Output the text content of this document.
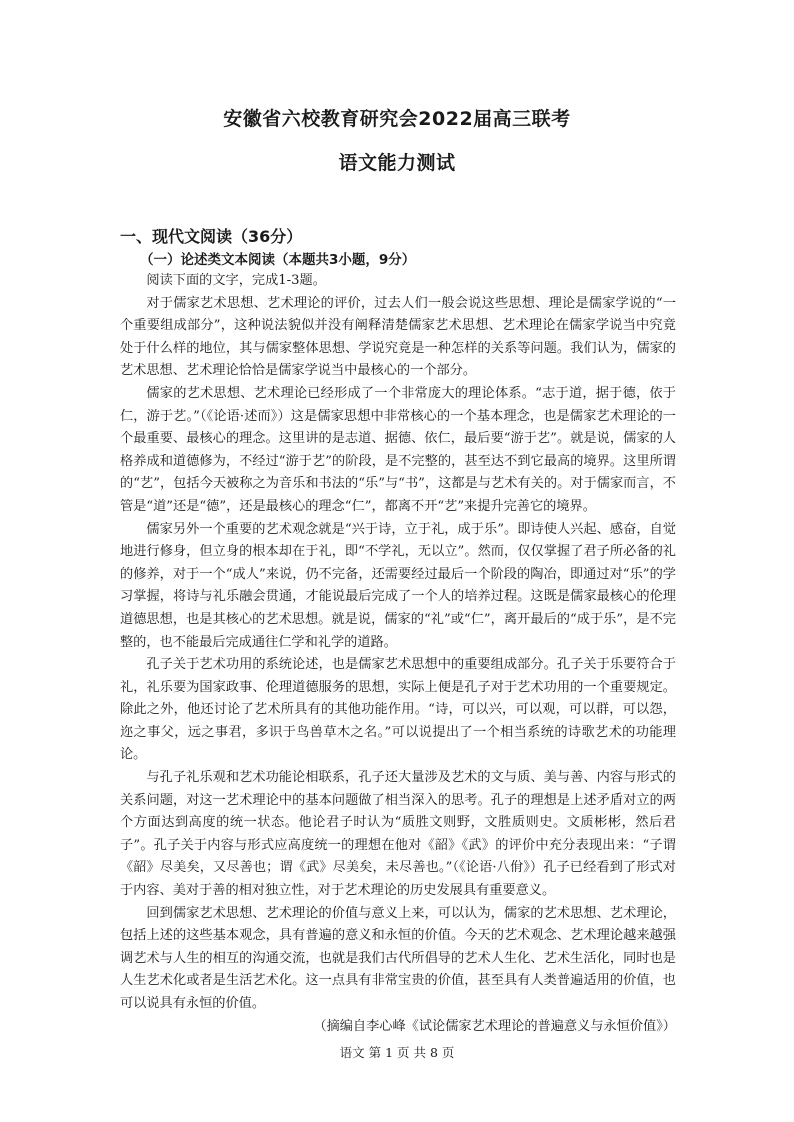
安徽省六校教育研究会2022届高三联考
语文能力测试
一、现代文阅读（36分）
（一）论述类文本阅读（本题共3小题，9分）

阅读下面的文字，完成1-3题。

对于儒家艺术思想、艺术理论的评价，过去人们一般会说这些思想、理论是儒家学说的“一个重要组成部分”，这种说法貌似并没有阐释清楚儒家艺术思想、艺术理论在儒家学说当中究竟处于什么样的地位，其与儒家整体思想、学说究竟是一种怎样的关系等问题。我们认为，儒家的艺术思想、艺术理论恰恰是儒家学说当中最核心的一个部分。

儒家的艺术思想、艺术理论已经形成了一个非常庞大的理论体系。“志于道，据于德，依于仁，游于艺。”（《论语·述而》）这是儒家思想中非常核心的一个基本理念，也是儒家艺术理论的一个最重要、最核心的理念。这里讲的是志道、据德、依仁，最后要“游于艺”。就是说，儒家的人格养成和道德修为，不经过“游于艺”的阶段，是不完整的，甚至达不到它最高的境界。这里所谓的“艺”，包括今天被称之为音乐和书法的“乐”与“书”，这都是与艺术有关的。对于儒家而言，不管是“道”还是“德”，还是最核心的理念“仁”，都离不开“艺”来提升完善它的境界。

儒家另外一个重要的艺术观念就是“兴于诗，立于礼，成于乐”。即诗使人兴起、感奋，自觉地进行修身，但立身的根本却在于礼，即“不学礼，无以立”。然而，仅仅掌握了君子所必备的礼的修养，对于一个“成人”来说，仍不完备，还需要经过最后一个阶段的陶冶，即通过对“乐”的学习掌握，将诗与礼乐融会贯通，才能说最后完成了一个人的培养过程。这既是儒家最核心的伦理道德思想，也是其核心的艺术思想。就是说，儒家的“礼”或“仁”，离开最后的“成于乐”，是不完整的，也不能最后完成通往仁学和礼学的道路。

孔子关于艺术功用的系统论述，也是儒家艺术思想中的重要组成部分。孔子关于乐要符合于礼，礼乐要为国家政事、伦理道德服务的思想，实际上便是孔子对于艺术功用的一个重要规定。除此之外，他还讨论了艺术所具有的其他功能作用。“诗，可以兴，可以观，可以群，可以怨，迩之事父，远之事君，多识于鸟兽草木之名。”可以说提出了一个相当系统的诗歌艺术的功能理论。

与孔子礼乐观和艺术功能论相联系，孔子还大量涉及艺术的文与质、美与善、内容与形式的关系问题，对这一艺术理论中的基本问题做了相当深入的思考。孔子的理想是上述矛盾对立的两个方面达到高度的统一状态。他论君子时认为“质胜文则野，文胜质则史。文质彬彬，然后君子”。孔子关于内容与形式应高度统一的理想在他对《韶》《武》的评价中充分表现出来：“子谓《韶》尽美矣，又尽善也；谓《武》尽美矣，未尽善也。”（《论语·八佾》）孔子已经看到了形式对于内容、美对于善的相对独立性，对于艺术理论的历史发展具有重要意义。

回到儒家艺术思想、艺术理论的价值与意义上来，可以认为，儒家的艺术思想、艺术理论，包括上述的这些基本观念，具有普遍的意义和永恒的价值。今天的艺术观念、艺术理论越来越强调艺术与人生的相互的沟通交流，也就是我们古代所倡导的艺术人生化、艺术生活化，同时也是人生艺术化或者是生活艺术化。这一点具有非常宝贵的价值，甚至具有人类普遍适用的价值，也可以说具有永恒的价值。

（摘编自李心峰《试论儒家艺术理论的普遍意义与永恒价值》）

语文 第 1 页 共 8 页
